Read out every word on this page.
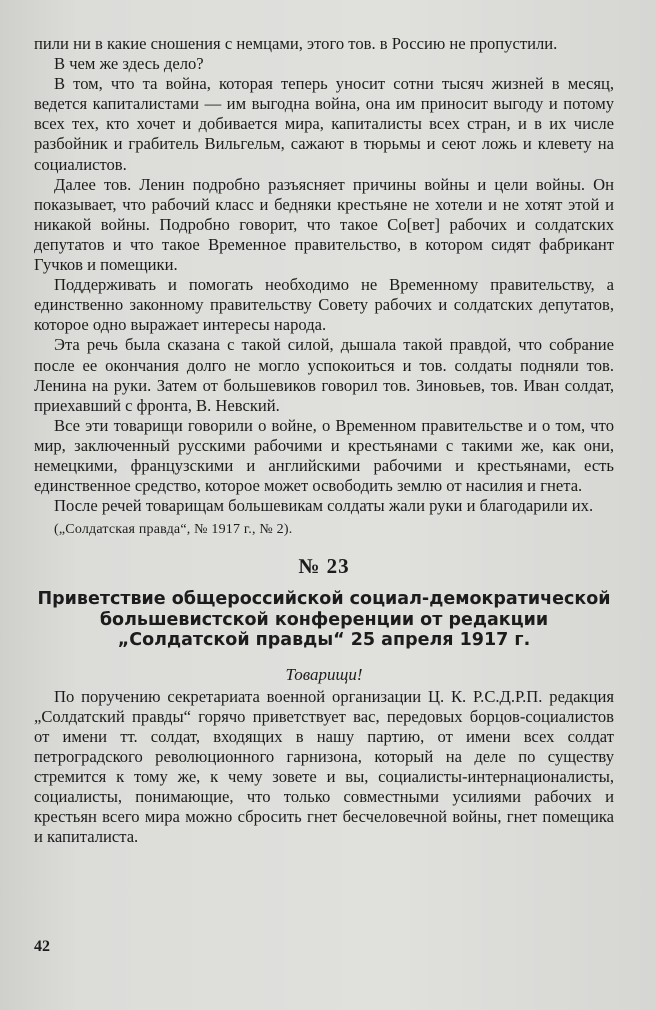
пили ни в какие сношения с немцами, этого тов. в Россию не пропустили.

В чем же здесь дело?

В том, что та война, которая теперь уносит сотни тысяч жизней в месяц, ведется капиталистами — им выгодна война, она им приносит выгоду и потому всех тех, кто хочет и добивается мира, капиталисты всех стран, и в их числе разбойник и грабитель Вильгельм, сажают в тюрьмы и сеют ложь и клевету на социалистов.

Далее тов. Ленин подробно разъясняет причины войны и цели войны. Он показывает, что рабочий класс и бедняки крестьяне не хотели и не хотят этой и никакой войны. Подробно говорит, что такое Со[вет] рабочих и солдатских депутатов и что такое Временное правительство, в котором сидят фабрикант Гучков и помещики.

Поддерживать и помогать необходимо не Временному правительству, а единственно законному правительству Совету рабочих и солдатских депутатов, которое одно выражает интересы народа.

Эта речь была сказана с такой силой, дышала такой правдой, что собрание после ее окончания долго не могло успокоиться и тов. солдаты подняли тов. Ленина на руки. Затем от большевиков говорил тов. Зиновьев, тов. Иван солдат, приехавший с фронта, В. Невский.

Все эти товарищи говорили о войне, о Временном правительстве и о том, что мир, заключенный русскими рабочими и крестьянами с такими же, как они, немецкими, французскими и английскими рабочими и крестьянами, есть единственное средство, которое может освободить землю от насилия и гнета.

После речей товарищам большевикам солдаты жали руки и благодарили их.

(„Солдатская правда“, № 1917 г., № 2).
№ 23
Приветствие общероссийской социал-демократической большевистской конференции от редакции „Солдатской правды“ 25 апреля 1917 г.
Товарищи!

По поручению секретариата военной организации Ц. К. Р.С.Д.Р.П. редакция „Солдатский правды“ горячо приветствует вас, передовых борцов-социалистов от имени тт. солдат, входящих в нашу партию, от имени всех солдат петроградского революционного гарнизона, который на деле по существу стремится к тому же, к чему зовете и вы, социалисты-интернационалисты, социалисты, понимающие, что только совместными усилиями рабочих и крестьян всего мира можно сбросить гнет бесчеловечной войны, гнет помещика и капиталиста.

42
